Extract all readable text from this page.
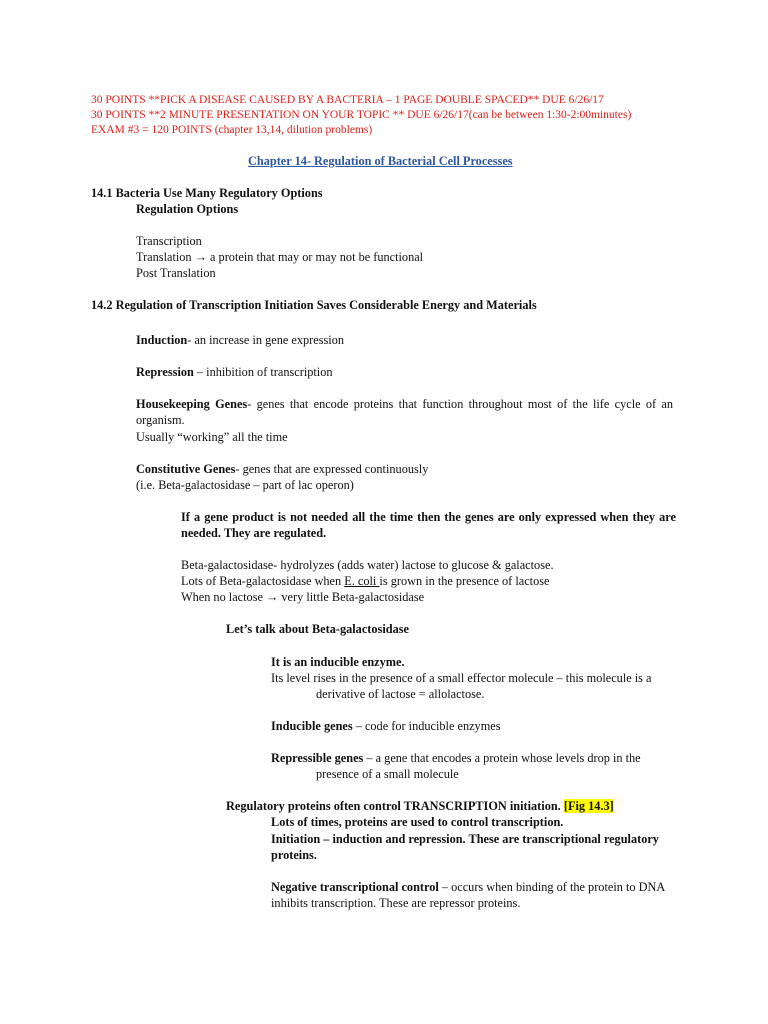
30 POINTS **PICK A DISEASE CAUSED BY A BACTERIA – 1 PAGE DOUBLE SPACED** DUE 6/26/17
30 POINTS **2 MINUTE PRESENTATION ON YOUR TOPIC ** DUE 6/26/17(can be between 1:30-2:00minutes)
EXAM #3 = 120 POINTS (chapter 13,14, dilution problems)
Chapter 14- Regulation of Bacterial Cell Processes
14.1 Bacteria Use Many Regulatory Options
Regulation Options
Transcription
Translation → a protein that may or may not be functional
Post Translation
14.2 Regulation of Transcription Initiation Saves Considerable Energy and Materials
Induction- an increase in gene expression
Repression – inhibition of transcription
Housekeeping Genes- genes that encode proteins that function throughout most of the life cycle of an organism.
Usually “working” all the time
Constitutive Genes- genes that are expressed continuously
(i.e. Beta-galactosidase – part of lac operon)
If a gene product is not needed all the time then the genes are only expressed when they are needed. They are regulated.
Beta-galactosidase- hydrolyzes (adds water) lactose to glucose & galactose.
Lots of Beta-galactosidase when E. coli is grown in the presence of lactose
When no lactose → very little Beta-galactosidase
Let’s talk about Beta-galactosidase
It is an inducible enzyme.
Its level rises in the presence of a small effector molecule – this molecule is a
derivative of lactose = allolactose.
Inducible genes – code for inducible enzymes
Repressible genes – a gene that encodes a protein whose levels drop in the
presence of a small molecule
Regulatory proteins often control TRANSCRIPTION initiation. [Fig 14.3]
Lots of times, proteins are used to control transcription.
Initiation – induction and repression. These are transcriptional regulatory
proteins.
Negative transcriptional control – occurs when binding of the protein to DNA
inhibits transcription. These are repressor proteins.
